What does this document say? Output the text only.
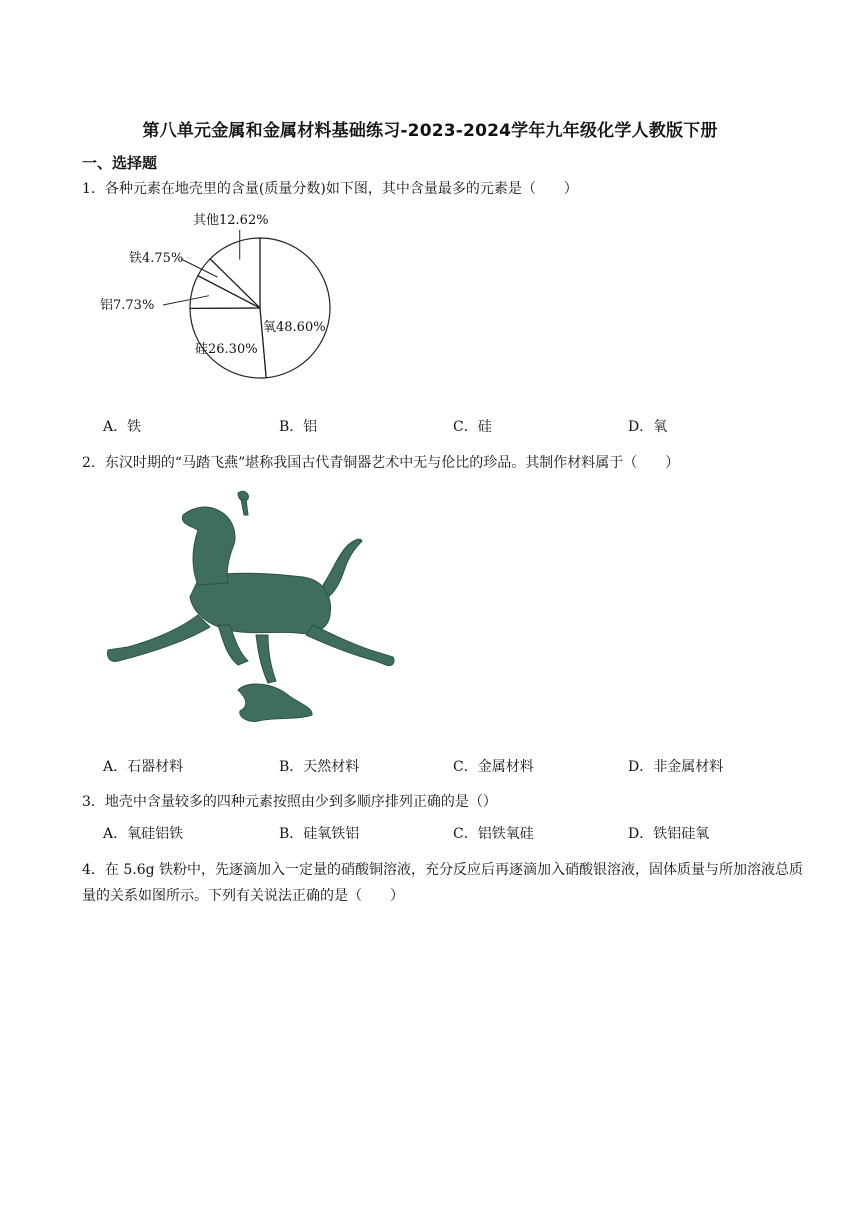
第八单元金属和金属材料基础练习-2023-2024学年九年级化学人教版下册
一、选择题
1．各种元素在地壳里的含量(质量分数)如下图，其中含量最多的元素是（　　）
氧48.60%
硅26.30%
铝7.73%
铁4.75%
其他12.62%
A．铁	B．铝	C．硅	D．氧
2．东汉时期的“马踏飞燕”堪称我国古代青铜器艺术中无与伦比的珍品。其制作材料属于（　　）
A．石器材料	B．天然材料	C．金属材料	D．非金属材料
3．地壳中含量较多的四种元素按照由少到多顺序排列正确的是（）
A．氧硅铝铁	B．硅氧铁铝	C．铝铁氧硅	D．铁铝硅氧
4．在 5.6g 铁粉中，先逐滴加入一定量的硝酸铜溶液，充分反应后再逐滴加入硝酸银溶液，固体质量与所加溶液总质量的关系如图所示。下列有关说法正确的是（　　）
